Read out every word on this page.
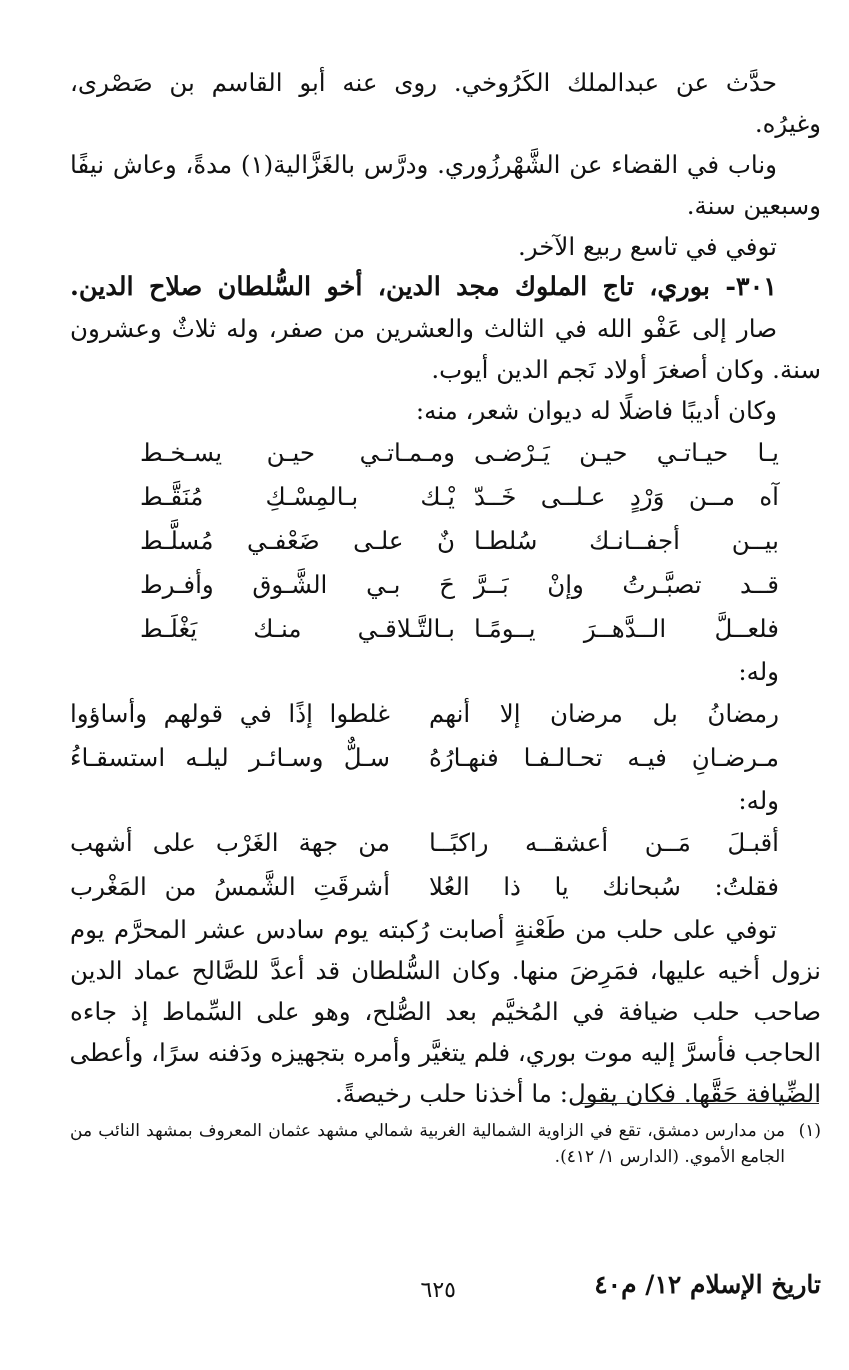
حدَّث عن عبدالملك الكَرُوخي. روى عنه أبو القاسم بن صَصْرى،
وغيرُه.
وناب في القضاء عن الشَّهْرزُوري. ودرَّس بالغَزَّالية(١) مدةً، وعاش نيفًا
وسبعين سنة.
توفي في تاسع ربيع الآخر.
٣٠١- بوري، تاج الملوك مجد الدين، أخو السُّلطان صلاح الدين.
صار إلى عَفْو الله في الثالث والعشرين من صفر، وله ثلاثٌ وعشرون
سنة. وكان أصغرَ أولاد نَجم الدين أيوب.
وكان أديبًا فاضلًا له ديوان شعر، منه:
يـا حيـاتـي حيـن يَـرْضـى
ومـمـاتـي حيـن يسـخـط
آه مــن وَرْدٍ عـلــى خَــدّ
يْـك بـالمِسْـكِ مُنَقَّـط
بيــن أجفــانـك سُلطـا
نٌ علـى ضَعْفـي مُسلَّـط
قــد تصبَّـرتُ وإنْ بَــرَّ
حَ بـي الشَّـوق وأفـرط
فلعــلَّ الــدَّهــرَ يــومًـا
بـالتَّـلاقـي منـك يَغْلَـط
وله:
رمضانُ بل مرضان إلا أنهم
غلطوا إذًا في قولهم وأساؤوا
مـرضـانِ فيـه تحـالـفـا فنهـارُهُ
سـلٌّ وسـائـر ليلـه استسقـاءُ
وله:
أقبـلَ مَــن أعشقــه راكبًــا
من جهة الغَرْب على أشهب
فقلتُ: سُبحانك يا ذا العُلا
أشرقَتِ الشَّمسُ من المَغْرب
توفي على حلب من طَعْنةٍ أصابت رُكبته يوم سادس عشر المحرَّم يوم
نزول أخيه عليها، فمَرِضَ منها. وكان السُّلطان قد أعدَّ للصَّالح عماد الدين
صاحب حلب ضيافة في المُخيَّم بعد الصُّلح، وهو على السِّماط إذ جاءه
الحاجب فأسرَّ إليه موت بوري، فلم يتغيَّر وأمره بتجهيزه ودَفنه سرًا، وأعطى
الضِّيافة حَقَّها. فكان يقول: ما أخذنا حلب رخيصةً.
(١)
من مدارس دمشق، تقع في الزاوية الشمالية الغربية شمالي مشهد عثمان المعروف بمشهد النائب من الجامع الأموي. (الدارس ١/ ٤١٢).
تاريخ الإسلام ١٢/ م٤٠
٦٢٥
